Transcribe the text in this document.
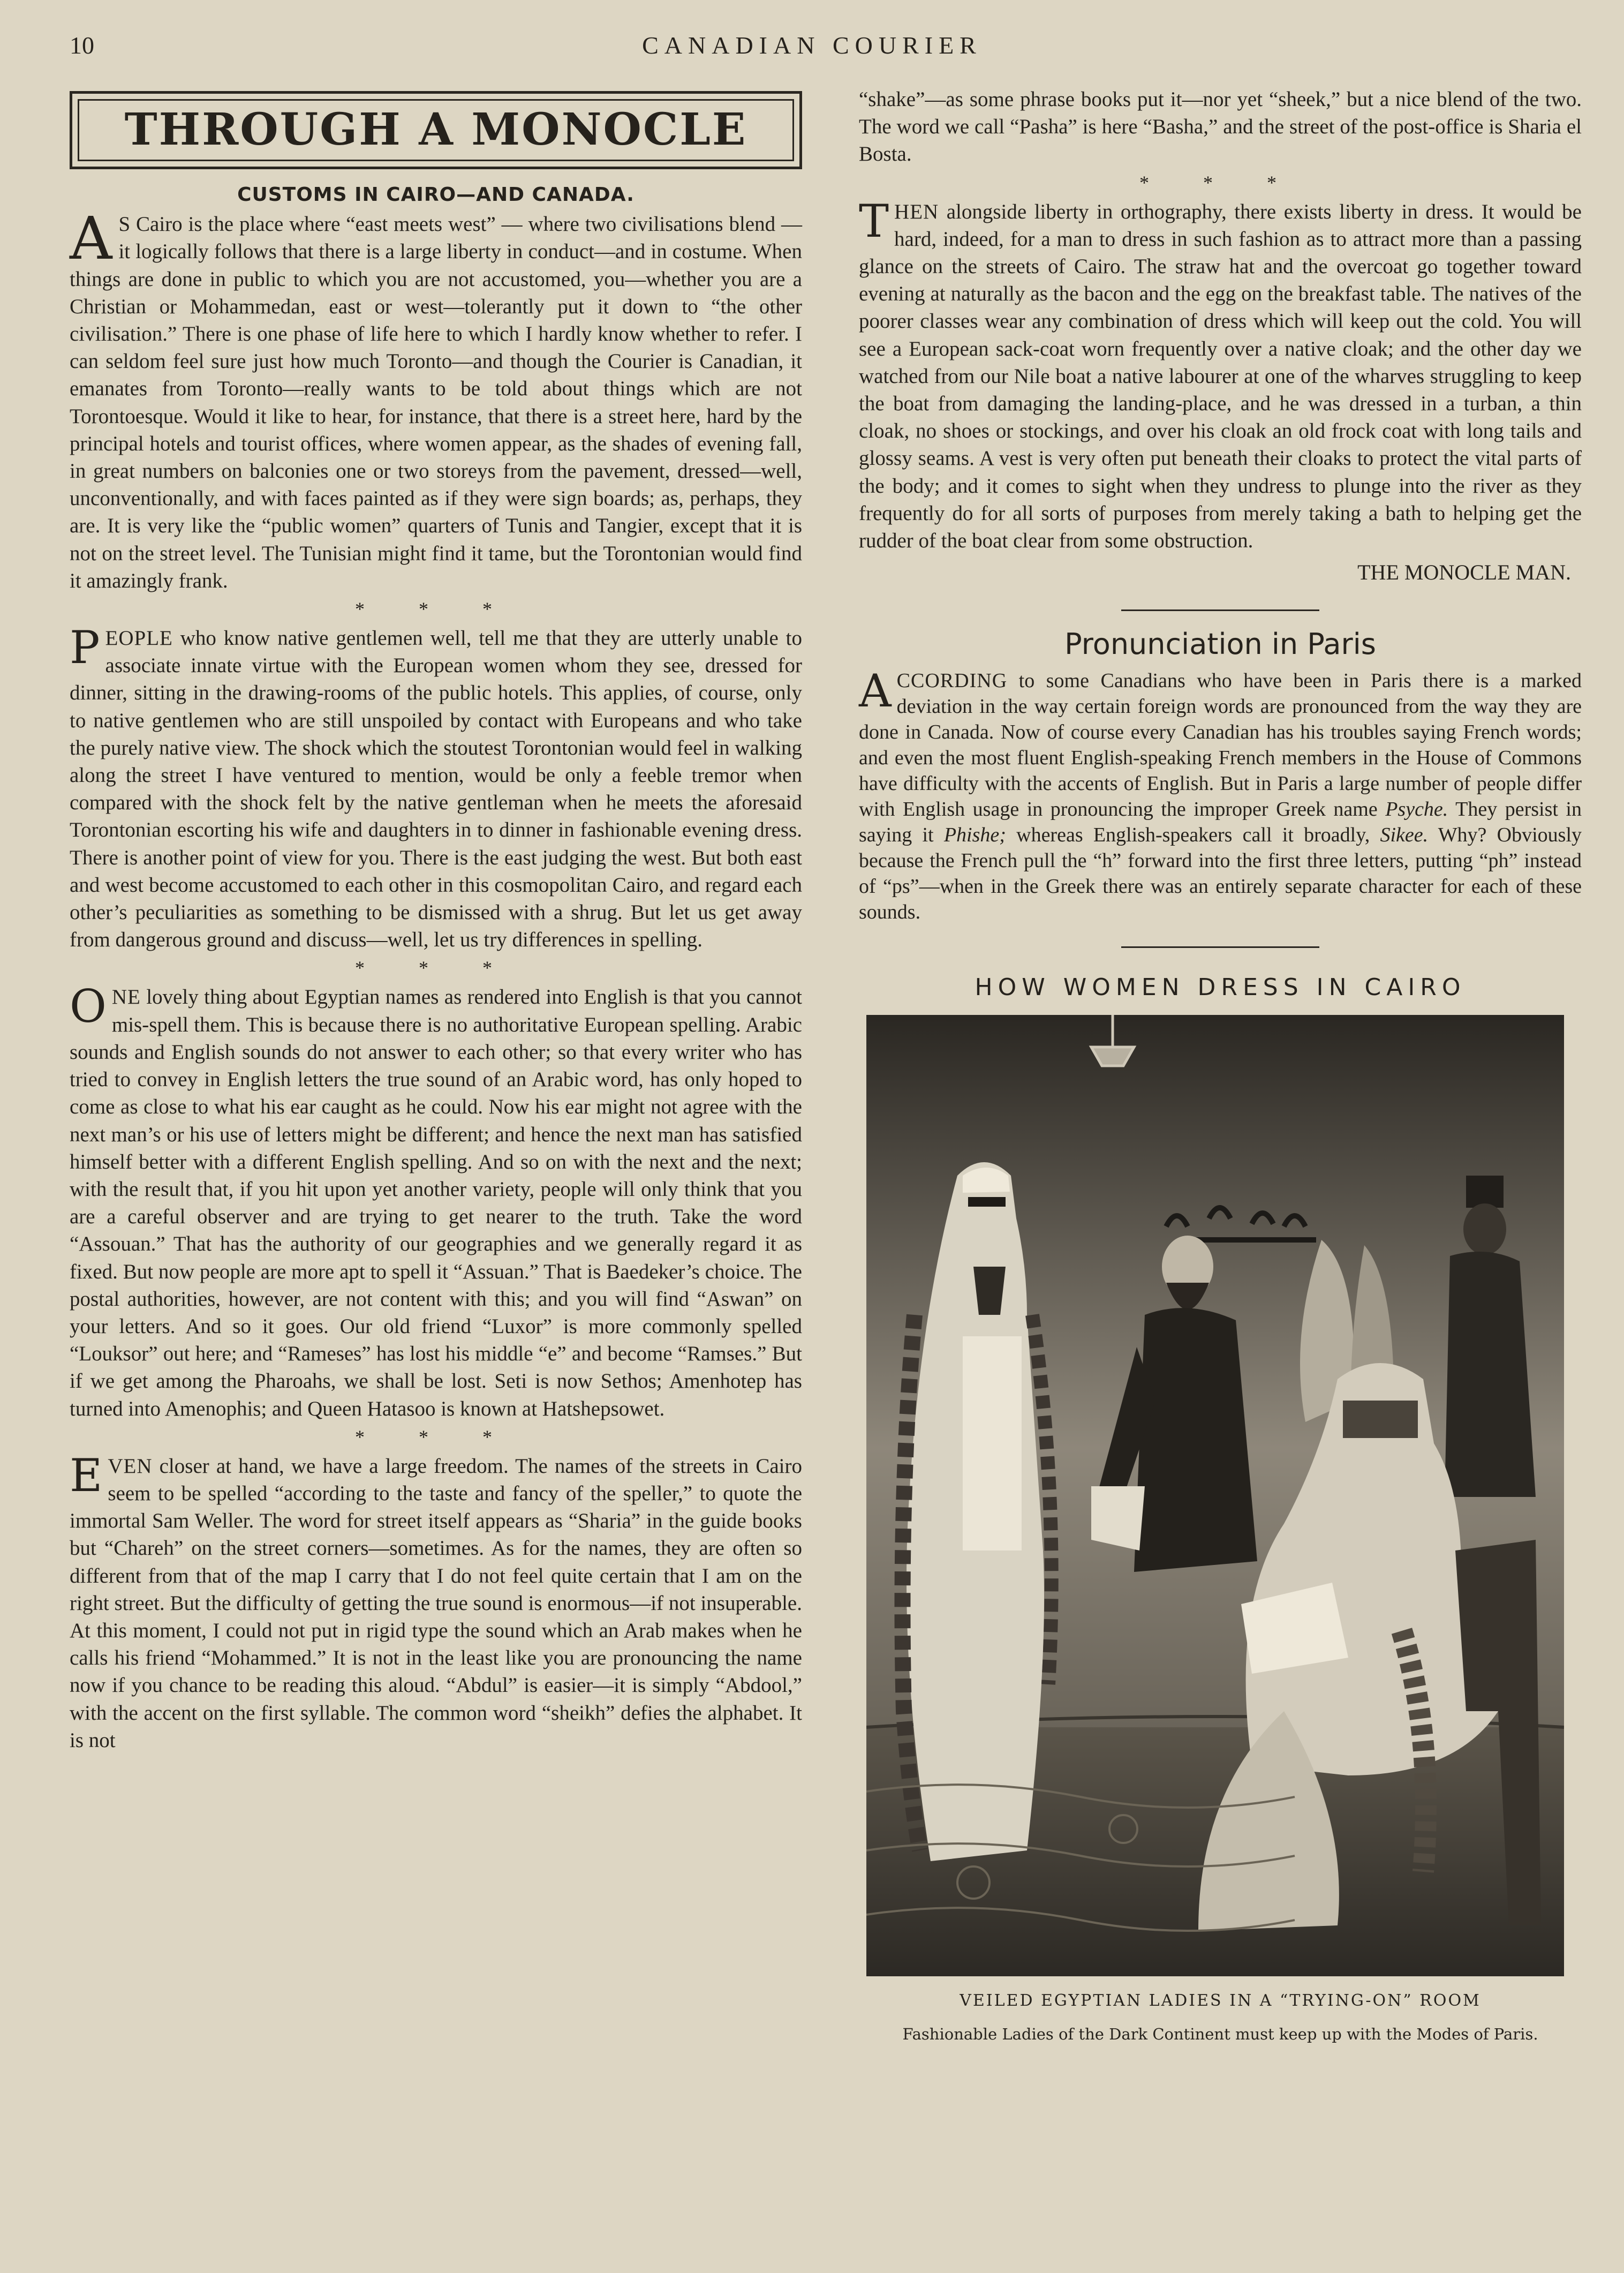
10	CANADIAN COURIER
THROUGH A MONOCLE
CUSTOMS IN CAIRO—AND CANADA.

A S Cairo is the place where “east meets west” — where two civilisations blend — it logically follows that there is a large liberty in conduct—and in costume. When things are done in public to which you are not accustomed, you—whether you are a Christian or Mohammedan, east or west—tolerantly put it down to “the other civilisation.” There is one phase of life here to which I hardly know whether to refer. I can seldom feel sure just how much Toronto—and though the Courier is Canadian, it emanates from Toronto—really wants to be told about things which are not Torontoesque. Would it like to hear, for instance, that there is a street here, hard by the principal hotels and tourist offices, where women appear, as the shades of evening fall, in great numbers on balconies one or two storeys from the pavement, dressed—well, unconventionally, and with faces painted as if they were sign boards; as, perhaps, they are. It is very like the “public women” quarters of Tunis and Tangier, except that it is not on the street level. The Tunisian might find it tame, but the Torontonian would find it amazingly frank.

* * *

PEOPLE who know native gentlemen well, tell me that they are utterly unable to associate innate virtue with the European women whom they see, dressed for dinner, sitting in the drawing-rooms of the public hotels. This applies, of course, only to native gentlemen who are still unspoiled by contact with Europeans and who take the purely native view. The shock which the stoutest Torontonian would feel in walking along the street I have ventured to mention, would be only a feeble tremor when compared with the shock felt by the native gentleman when he meets the aforesaid Torontonian escorting his wife and daughters in to dinner in fashionable evening dress. There is another point of view for you. There is the east judging the west. But both east and west become accustomed to each other in this cosmopolitan Cairo, and regard each other’s peculiarities as something to be dismissed with a shrug. But let us get away from dangerous ground and discuss—well, let us try differences in spelling.

* * *

ONE lovely thing about Egyptian names as rendered into English is that you cannot mis-spell them. This is because there is no authoritative European spelling. Arabic sounds and English sounds do not answer to each other; so that every writer who has tried to convey in English letters the true sound of an Arabic word, has only hoped to come as close to what his ear caught as he could. Now his ear might not agree with the next man’s or his use of letters might be different; and hence the next man has satisfied himself better with a different English spelling. And so on with the next and the next; with the result that, if you hit upon yet another variety, people will only think that you are a careful observer and are trying to get nearer to the truth. Take the word “Assouan.” That has the authority of our geographies and we generally regard it as fixed. But now people are more apt to spell it “Assuan.” That is Baedeker’s choice. The postal authorities, however, are not content with this; and you will find “Aswan” on your letters. And so it goes. Our old friend “Luxor” is more commonly spelled “Louksor” out here; and “Rameses” has lost his middle “e” and become “Ramses.” But if we get among the Pharoahs, we shall be lost. Seti is now Sethos; Amenhotep has turned into Amenophis; and Queen Hatasoo is known at Hatshepsowet.

* * *

EVEN closer at hand, we have a large freedom. The names of the streets in Cairo seem to be spelled “according to the taste and fancy of the speller,” to quote the immortal Sam Weller. The word for street itself appears as “Sharia” in the guide books but “Chareh” on the street corners—sometimes. As for the names, they are often so different from that of the map I carry that I do not feel quite certain that I am on the right street. But the difficulty of getting the true sound is enormous—if not insuperable. At this moment, I could not put in rigid type the sound which an Arab makes when he calls his friend “Mohammed.” It is not in the least like you are pronouncing the name now if you chance to be reading this aloud. “Abdul” is easier—it is simply “Abdool,” with the accent on the first syllable. The common word “sheikh” defies the alphabet. It is not

“shake”—as some phrase books put it—nor yet “sheek,” but a nice blend of the two. The word we call “Pasha” is here “Basha,” and the street of the post-office is Sharia el Bosta.

* * *

THEN alongside liberty in orthography, there exists liberty in dress. It would be hard, indeed, for a man to dress in such fashion as to attract more than a passing glance on the streets of Cairo. The straw hat and the overcoat go together toward evening at naturally as the bacon and the egg on the breakfast table. The natives of the poorer classes wear any combination of dress which will keep out the cold. You will see a European sack-coat worn frequently over a native cloak; and the other day we watched from our Nile boat a native labourer at one of the wharves struggling to keep the boat from damaging the landing-place, and he was dressed in a turban, a thin cloak, no shoes or stockings, and over his cloak an old frock coat with long tails and glossy seams. A vest is very often put beneath their cloaks to protect the vital parts of the body; and it comes to sight when they undress to plunge into the river as they frequently do for all sorts of purposes from merely taking a bath to helping get the rudder of the boat clear from some obstruction.

THE MONOCLE MAN.
Pronunciation in Paris

ACCORDING to some Canadians who have been in Paris there is a marked deviation in the way certain foreign words are pronounced from the way they are done in Canada. Now of course every Canadian has his troubles saying French words; and even the most fluent English-speaking French members in the House of Commons have difficulty with the accents of English. But in Paris a large number of people differ with English usage in pronouncing the improper Greek name Psyche. They persist in saying it Phishe; whereas English-speakers call it broadly, Sikee. Why? Obviously because the French pull the “h” forward into the first three letters, putting “ph” instead of “ps”—when in the Greek there was an entirely separate character for each of these sounds.

HOW WOMEN DRESS IN CAIRO
VEILED EGYPTIAN LADIES IN A “TRYING-ON” ROOM
Fashionable Ladies of the Dark Continent must keep up with the Modes of Paris.
